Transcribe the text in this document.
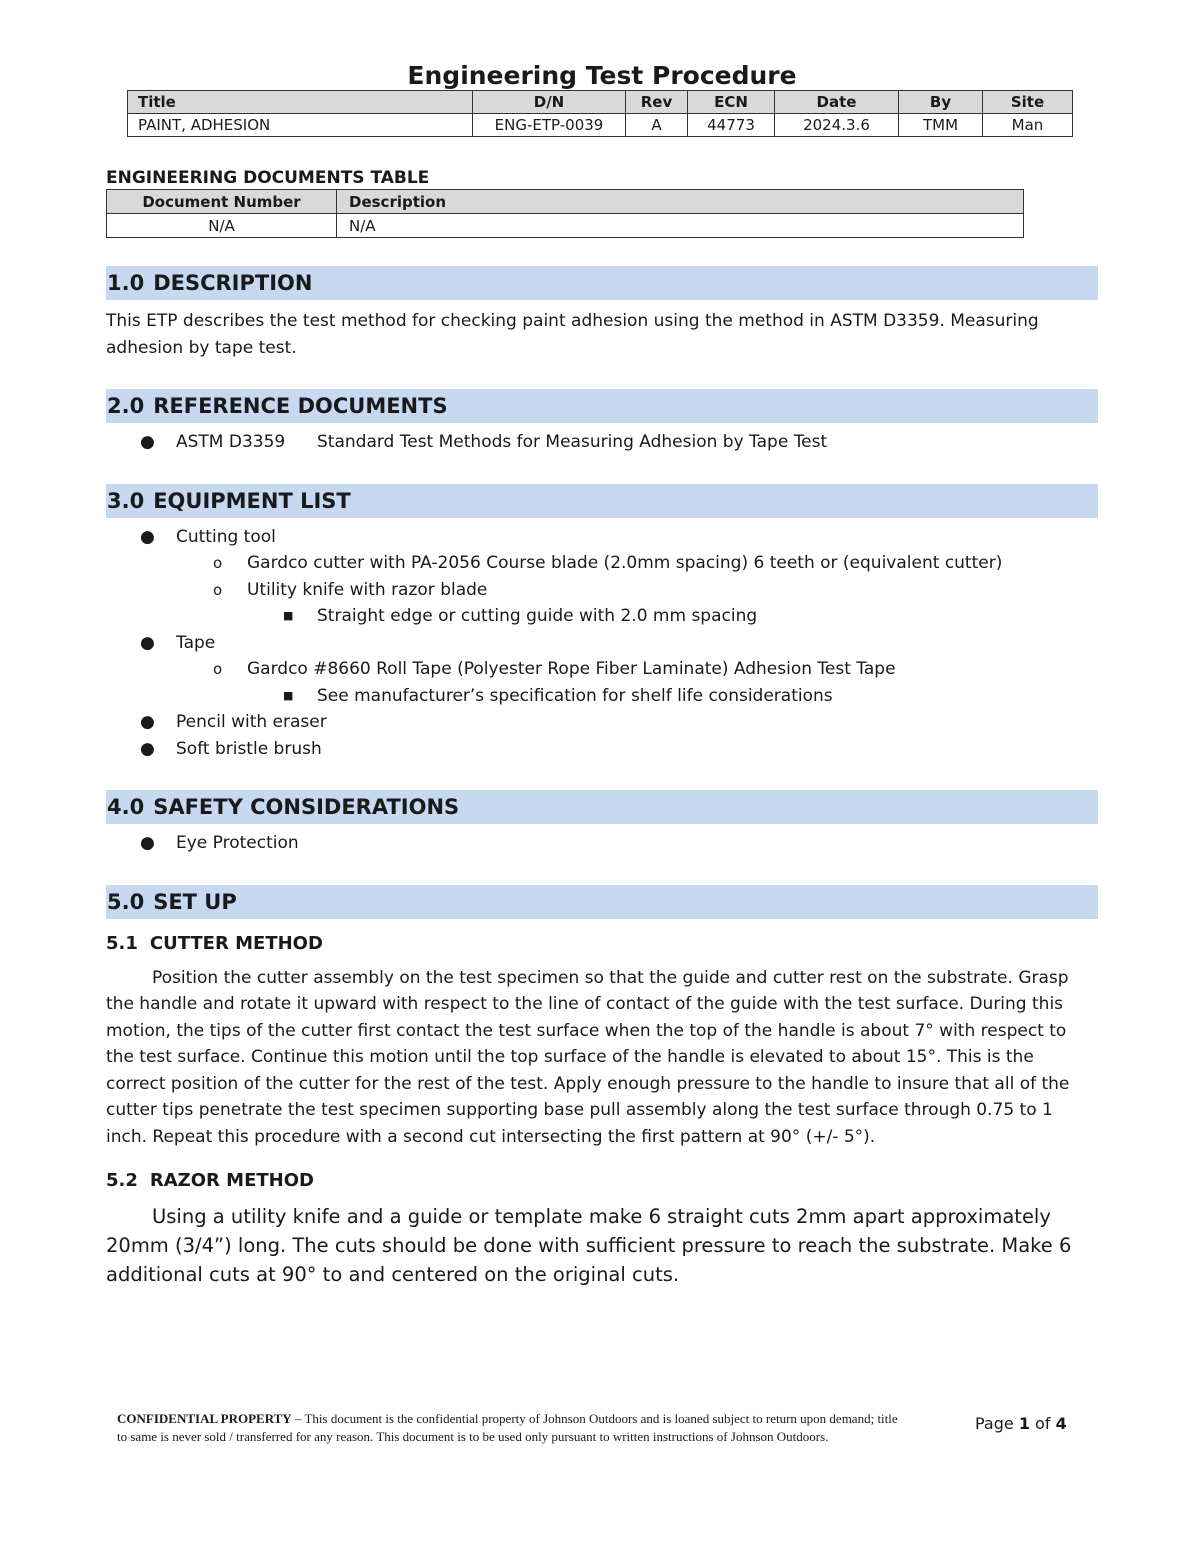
Engineering Test Procedure
Title	D/N	Rev	ECN	Date	By	Site
PAINT, ADHESION	ENG-ETP-0039	A	44773	2024.3.6	TMM	Man
ENGINEERING DOCUMENTS TABLE
Document Number	Description
N/A	N/A
1.0 DESCRIPTION

This ETP describes the test method for checking paint adhesion using the method in ASTM D3359. Measuring adhesion by tape test.

2.0 REFERENCE DOCUMENTS
● ASTM D3359 Standard Test Methods for Measuring Adhesion by Tape Test
3.0 EQUIPMENT LIST
● Cutting tool
o Gardco cutter with PA-2056 Course blade (2.0mm spacing) 6 teeth or (equivalent cutter)
o Utility knife with razor blade
■ Straight edge or cutting guide with 2.0 mm spacing
● Tape
o Gardco #8660 Roll Tape (Polyester Rope Fiber Laminate) Adhesion Test Tape
■ See manufacturer’s specification for shelf life considerations
● Pencil with eraser
● Soft bristle brush
4.0 SAFETY CONSIDERATIONS
● Eye Protection
5.0 SET UP
5.1 CUTTER METHOD

Position the cutter assembly on the test specimen so that the guide and cutter rest on the substrate. Grasp the handle and rotate it upward with respect to the line of contact of the guide with the test surface. During this motion, the tips of the cutter first contact the test surface when the top of the handle is about 7° with respect to the test surface. Continue this motion until the top surface of the handle is elevated to about 15°. This is the correct position of the cutter for the rest of the test. Apply enough pressure to the handle to insure that all of the cutter tips penetrate the test specimen supporting base pull assembly along the test surface through 0.75 to 1 inch. Repeat this procedure with a second cut intersecting the first pattern at 90° (+/- 5°).

5.2 RAZOR METHOD

Using a utility knife and a guide or template make 6 straight cuts 2mm apart approximately 20mm (3/4”) long. The cuts should be done with sufficient pressure to reach the substrate. Make 6 additional cuts at 90° to and centered on the original cuts.

CONFIDENTIAL PROPERTY – This document is the confidential property of Johnson Outdoors and is loaned subject to return upon demand; title to same is never sold / transferred for any reason. This document is to be used only pursuant to written instructions of Johnson Outdoors.
Page 1 of 4
